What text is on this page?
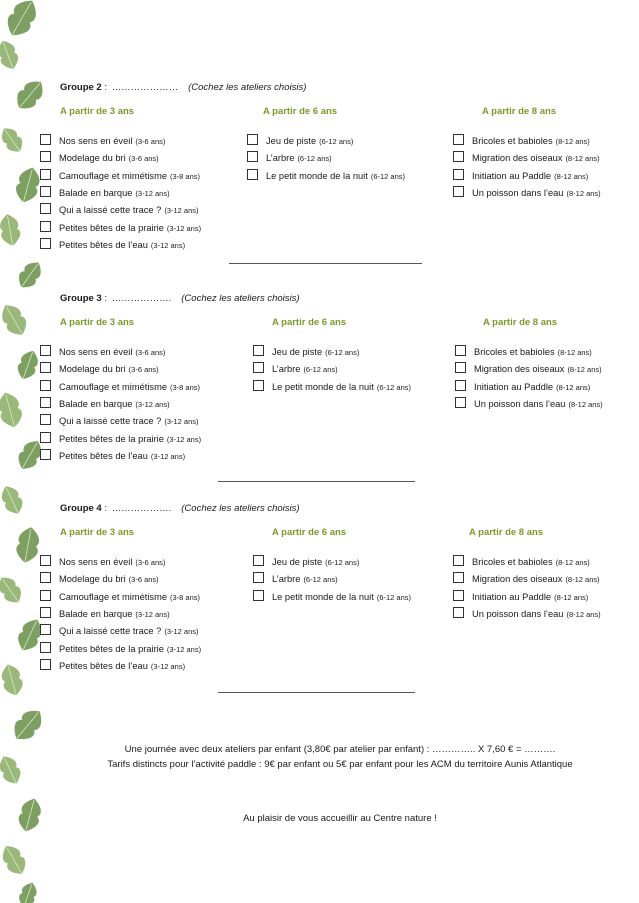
Groupe 2 : ………………… (Cochez les ateliers choisis)
A partir de 3 ans
Nos sens en éveil (3-6 ans)
Modelage du bri (3-6 ans)
Camouflage et mimétisme (3-8 ans)
Balade en barque (3-12 ans)
Qui a laissé cette trace ? (3-12 ans)
Petites bêtes de la prairie (3-12 ans)
Petites bêtes de l’eau (3-12 ans)
A partir de 6 ans
Jeu de piste (6-12 ans)
L’arbre (6-12 ans)
Le petit monde de la nuit (6-12 ans)
A partir de 8 ans
Bricoles et babioles (8-12 ans)
Migration des oiseaux (8-12 ans)
Initiation au Paddle (8-12 ans)
Un poisson dans l’eau (8-12 ans)
Groupe 3 : ………………. (Cochez les ateliers choisis)
A partir de 3 ans
Nos sens en éveil (3-6 ans)
Modelage du bri (3-6 ans)
Camouflage et mimétisme (3-8 ans)
Balade en barque (3-12 ans)
Qui a laissé cette trace ? (3-12 ans)
Petites bêtes de la prairie (3-12 ans)
Petites bêtes de l’eau (3-12 ans)
A partir de 6 ans
Jeu de piste (6-12 ans)
L’arbre (6-12 ans)
Le petit monde de la nuit (6-12 ans)
A partir de 8 ans
Bricoles et babioles (8-12 ans)
Migration des oiseaux (8-12 ans)
Initiation au Paddle (8-12 ans)
Un poisson dans l’eau (8-12 ans)
Groupe 4 : ………………. (Cochez les ateliers choisis)
A partir de 3 ans
Nos sens en éveil (3-6 ans)
Modelage du bri (3-6 ans)
Camouflage et mimétisme (3-8 ans)
Balade en barque (3-12 ans)
Qui a laissé cette trace ? (3-12 ans)
Petites bêtes de la prairie (3-12 ans)
Petites bêtes de l’eau (3-12 ans)
A partir de 6 ans
Jeu de piste (6-12 ans)
L’arbre (6-12 ans)
Le petit monde de la nuit (6-12 ans)
A partir de 8 ans
Bricoles et babioles (8-12 ans)
Migration des oiseaux (8-12 ans)
Initiation au Paddle (8-12 ans)
Un poisson dans l’eau (8-12 ans)
Une journée avec deux ateliers par enfant (3,80€ par atelier par enfant) : ………….. X 7,60 € = ……….
Tarifs distincts pour l’activité paddle : 9€ par enfant ou 5€ par enfant pour les ACM du territoire Aunis Atlantique
Au plaisir de vous accueillir au Centre nature !
